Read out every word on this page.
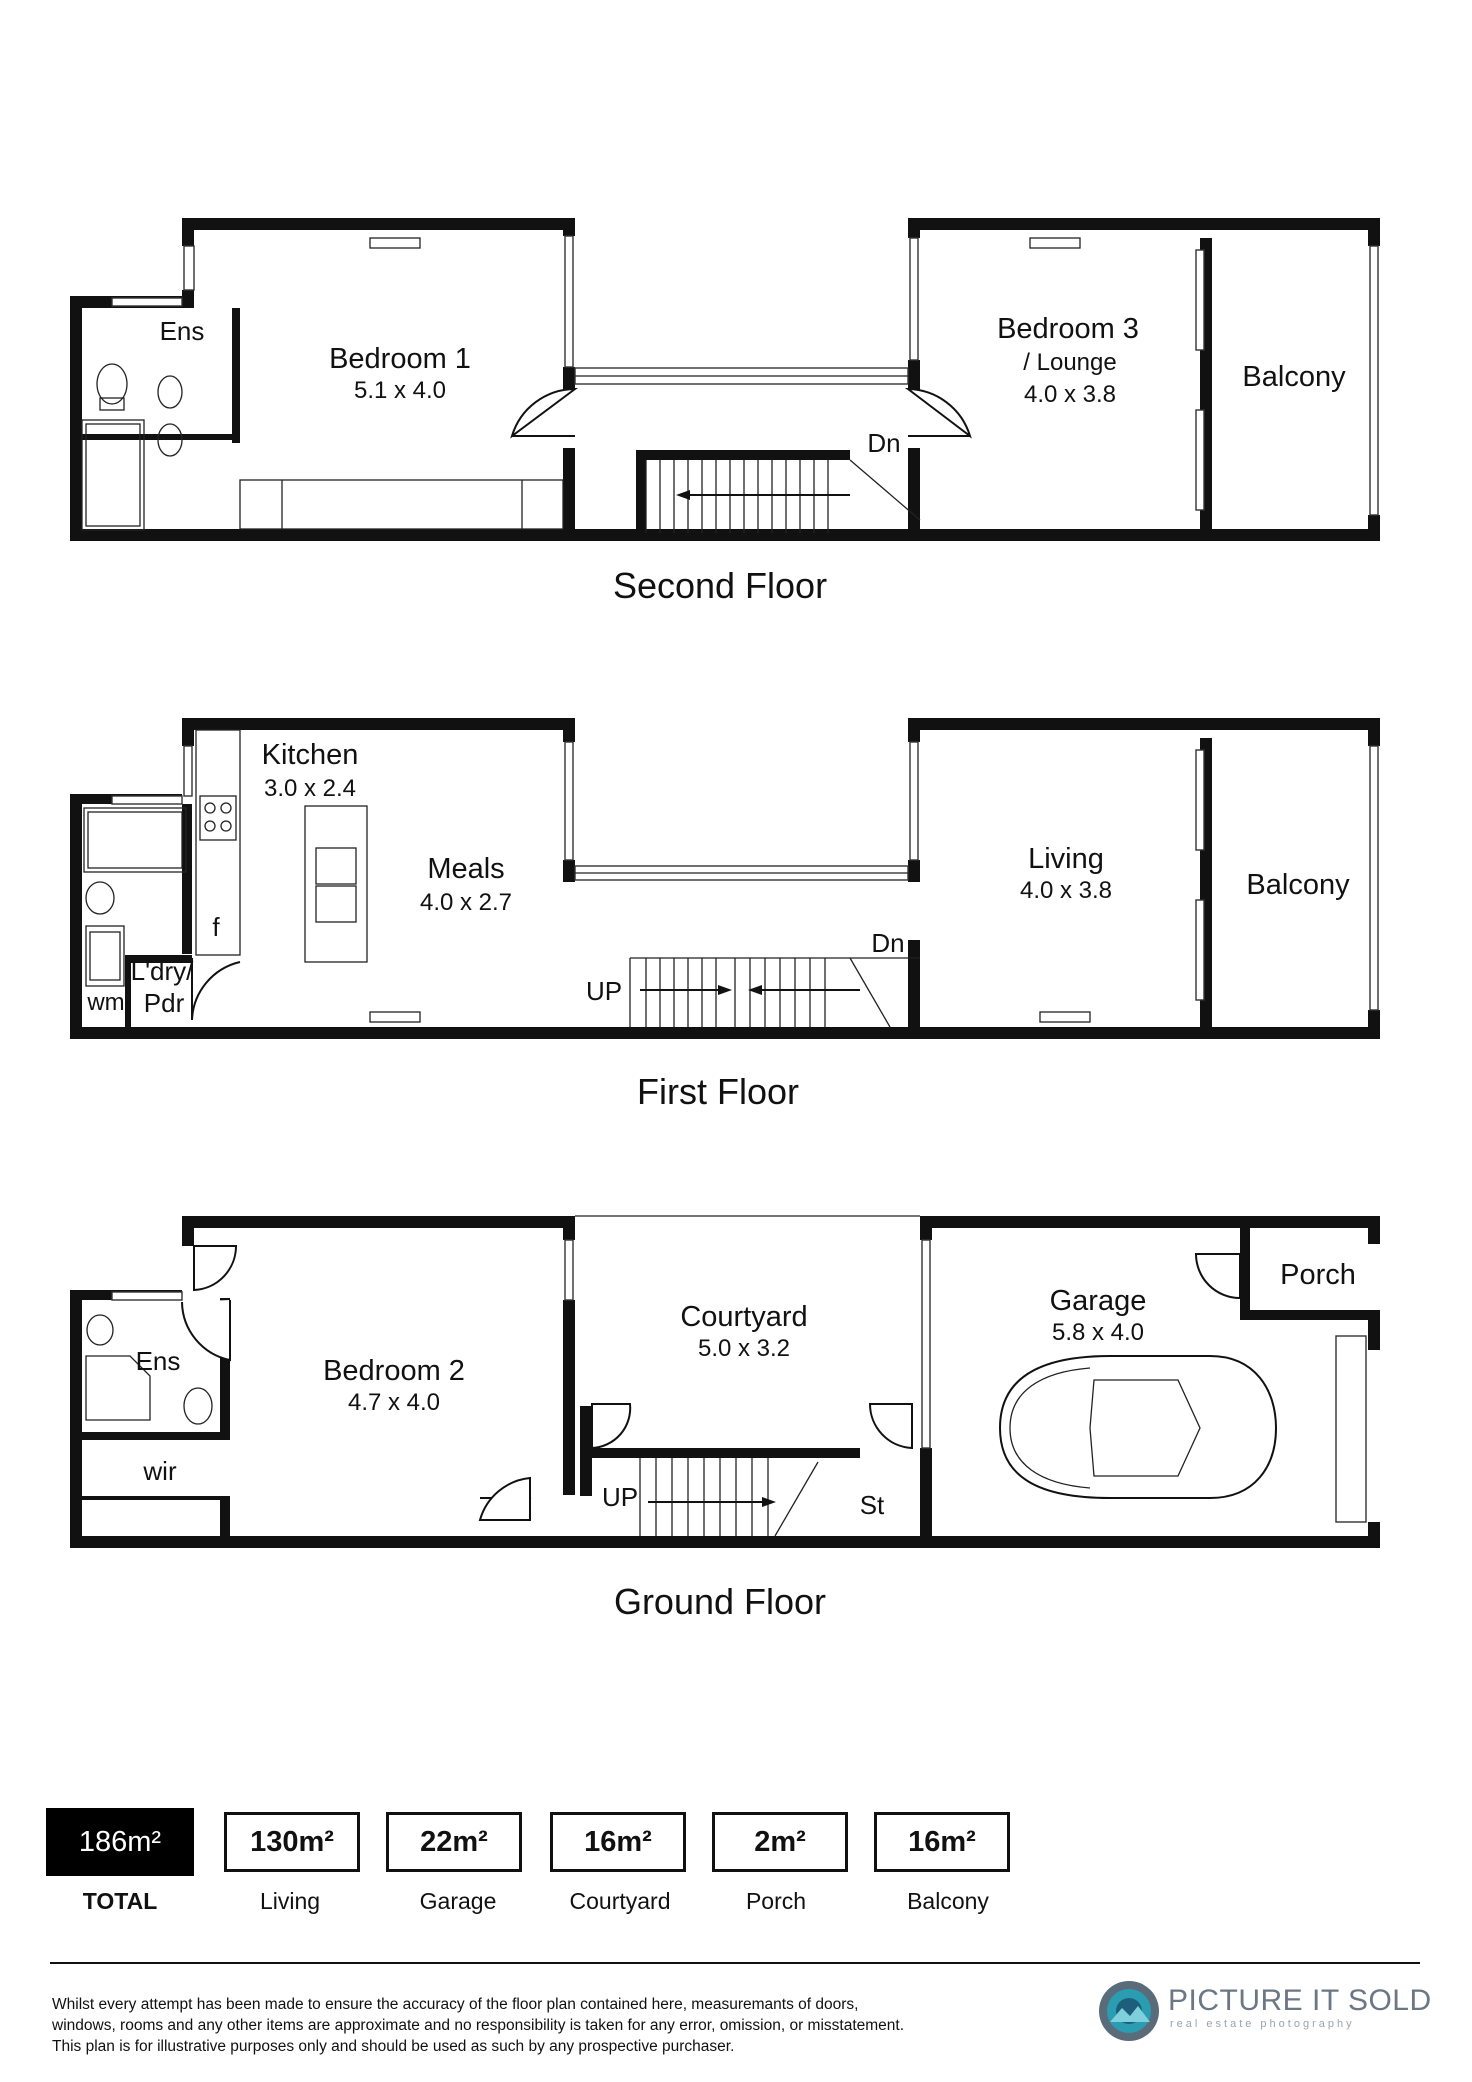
Ens
Bedroom 1
5.1 x 4.0
Bedroom 3
/ Lounge
4.0 x 3.8
Balcony
Dn
Second Floor
Kitchen
3.0 x 2.4
Meals
4.0 x 2.7
Living
4.0 x 3.8	Balcony
f
L'dry/
Pdr
wm	UP
Dn
First Floor
Ens
wir
Bedroom 2
4.7 x 4.0
Courtyard
5.0 x 3.2
Garage
5.8 x 4.0
Porch
UP	St
Ground Floor
186m²
TOTAL
130m²
Living
22m²
Garage
16m²
Courtyard
2m²
Porch
16m²
Balcony
Whilst every attempt has been made to ensure the accuracy of the floor plan contained here, measuremants of doors,
windows, rooms and any other items are approximate and no responsibility is taken for any error, omission, or misstatement.
This plan is for illustrative purposes only and should be used as such by any prospective purchaser.
PICTURE IT SOLD
real estate photography
